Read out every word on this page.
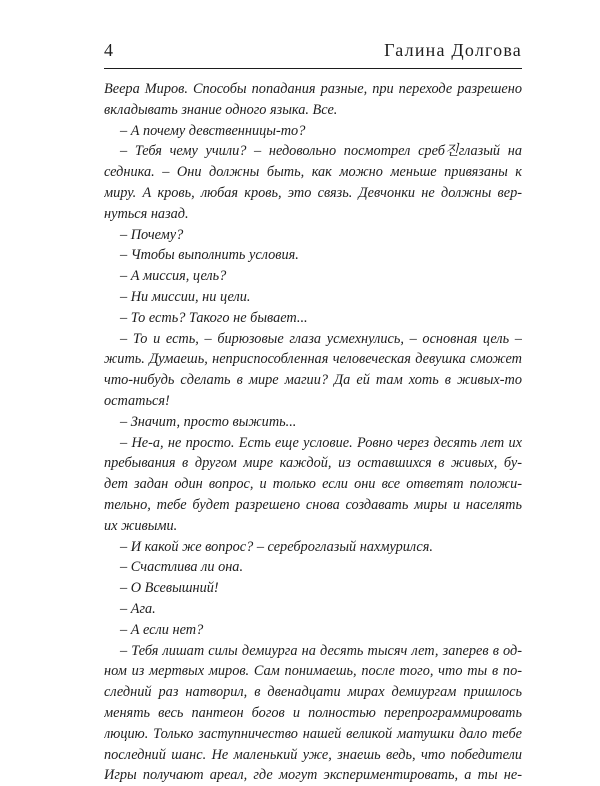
4	Галина Долгова
Веера Миров. Способы попадания разные, при переходе разрешено
вкладывать знание одного языка. Все.
– А почему девственницы-то?
– Тебя чему учили? – недовольно посмотрел среб진глазый на
седника. – Они должны быть, как можно меньше привязаны к
миру. А кровь, любая кровь, это связь. Девчонки не должны вер-
нуться назад.
– Почему?
– Чтобы выполнить условия.
– А миссия, цель?
– Ни миссии, ни цели.
– То есть? Такого не бывает...
– То и есть, – бирюзовые глаза усмехнулись, – основная цель –
жить. Думаешь, неприспособленная человеческая девушка сможет
что-нибудь сделать в мире магии? Да ей там хоть в живых-то
остаться!
– Значит, просто выжить...
– Не-а, не просто. Есть еще условие. Ровно через десять лет их
пребывания в другом мире каждой, из оставшихся в живых, бу-
дет задан один вопрос, и только если они все ответят положи-
тельно, тебе будет разрешено снова создавать миры и населять
их живыми.
– И какой же вопрос? – сереброглазый нахмурился.
– Счастлива ли она.
– О Всевышний!
– Ага.
– А если нет?
– Тебя лишат силы демиурга на десять тысяч лет, заперев в од-
ном из мертвых миров. Сам понимаешь, после того, что ты в по-
следний раз натворил, в двенадцати мирах демиургам пришлось
менять весь пантеон богов и полностью перепрограммировать
люцию. Только заступничество нашей великой матушки дало тебе
последний шанс. Не маленький уже, знаешь ведь, что победители
Игры получают ареал, где могут экспериментировать, а ты не-
